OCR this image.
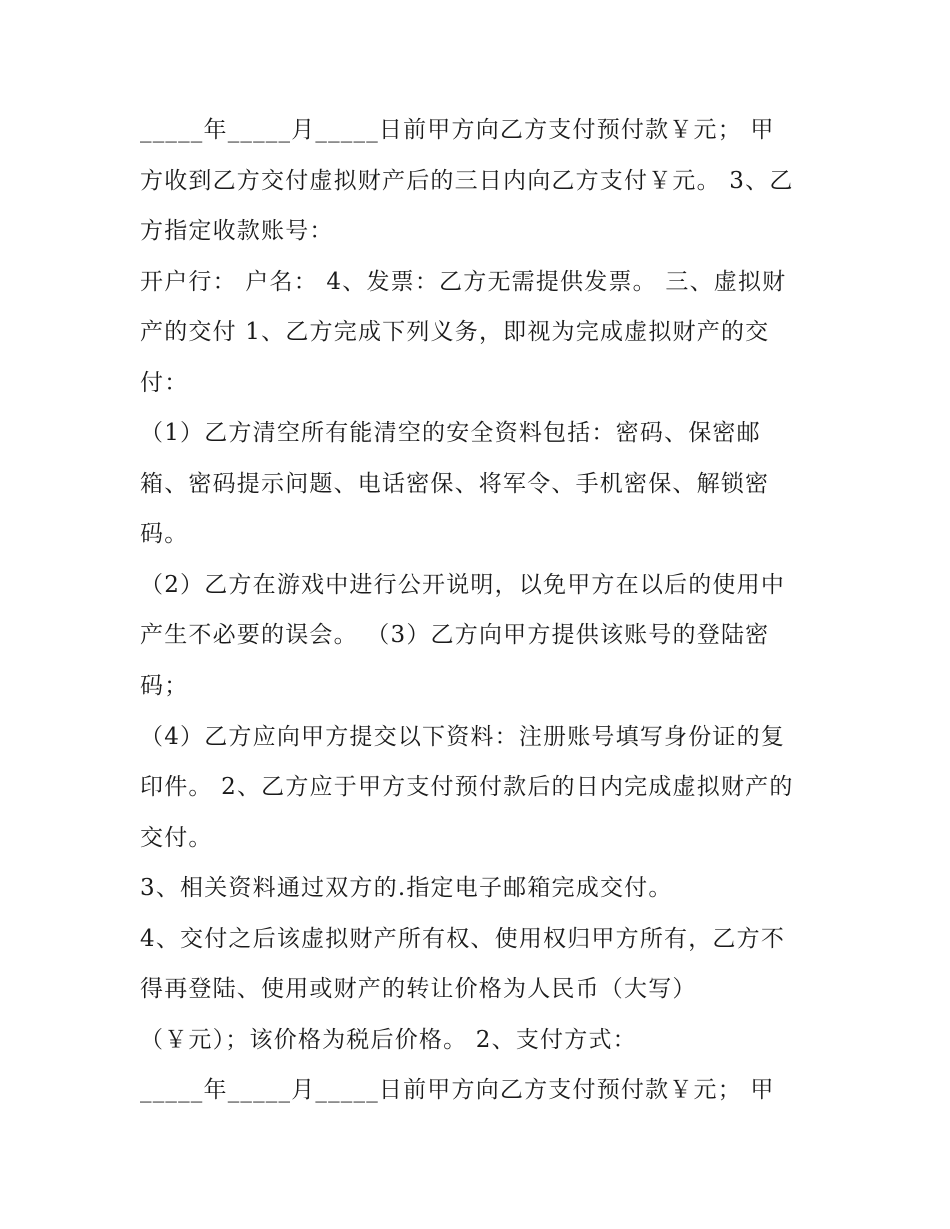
_____年_____月_____日前甲方向乙方支付预付款￥元； 甲
方收到乙方交付虚拟财产后的三日内向乙方支付￥元。 3、乙
方指定收款账号：
开户行： 户名： 4、发票：乙方无需提供发票。 三、虚拟财
产的交付 1、乙方完成下列义务，即视为完成虚拟财产的交
付：
（1）乙方清空所有能清空的安全资料包括：密码、保密邮
箱、密码提示问题、电话密保、将军令、手机密保、解锁密
码。
（2）乙方在游戏中进行公开说明，以免甲方在以后的使用中
产生不必要的误会。 （3）乙方向甲方提供该账号的登陆密
码；
（4）乙方应向甲方提交以下资料：注册账号填写身份证的复
印件。 2、乙方应于甲方支付预付款后的日内完成虚拟财产的
交付。
3、相关资料通过双方的.指定电子邮箱完成交付。
4、交付之后该虚拟财产所有权、使用权归甲方所有，乙方不
得再登陆、使用或财产的转让价格为人民币（大写）
（￥元）；该价格为税后价格。 2、支付方式：
_____年_____月_____日前甲方向乙方支付预付款￥元； 甲
